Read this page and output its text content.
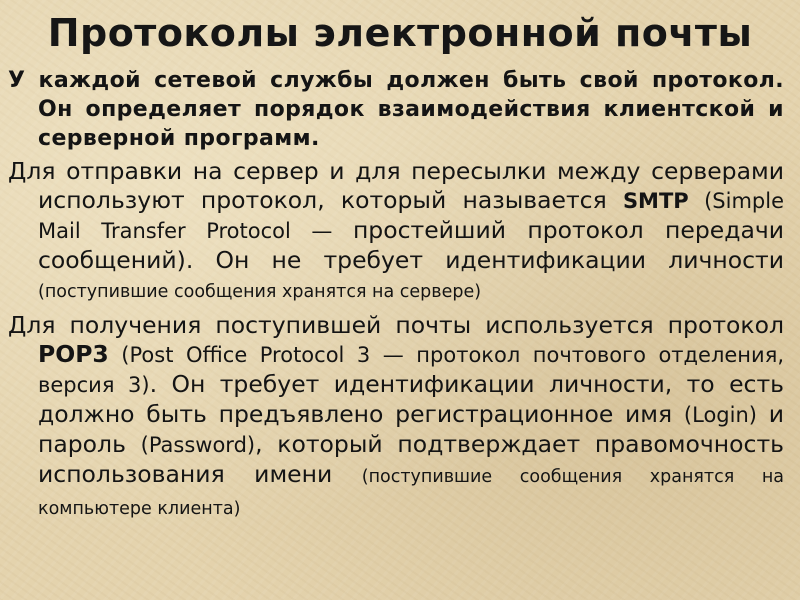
Протоколы электронной почты

У каждой сетевой службы должен быть свой протокол. Он определяет порядок взаимодействия клиентской и серверной программ.

Для отправки на сервер и для пересылки между серверами используют протокол, который называется SMTP (Simple Mail Transfer Protocol — простейший протокол передачи сообщений). Он не требует идентификации личности (поступившие сообщения хранятся на сервере)

Для получения поступившей почты используется протокол POP3 (Post Office Protocol 3 — протокол почтового отделения, версия 3). Он требует идентификации личности, то есть должно быть предъявлено регистрационное имя (Login) и пароль (Password), который подтверждает правомочность использования имени (поступившие сообщения хранятся на компьютере клиента)
